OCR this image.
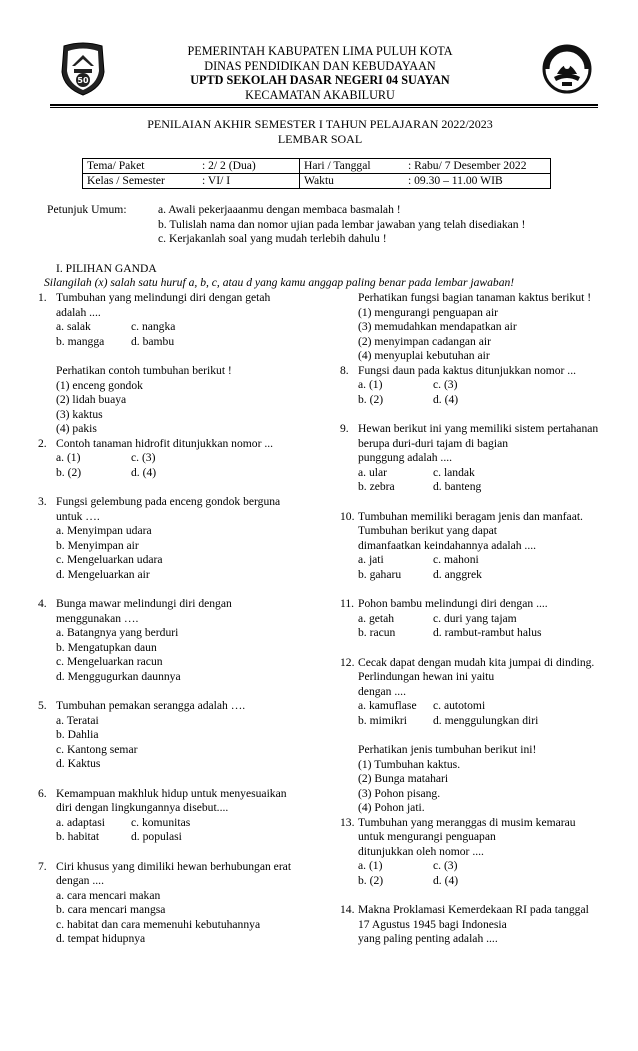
50
PEMERINTAH KABUPATEN LIMA PULUH KOTA
DINAS PENDIDIKAN DAN KEBUDAYAAN
UPTD SEKOLAH DASAR NEGERI 04 SUAYAN
KECAMATAN AKABILURU
PENILAIAN AKHIR SEMESTER I TAHUN PELAJARAN 2022/2023
LEMBAR SOAL
Tema/ Paket	: 2/ 2 (Dua)	Hari / Tanggal	: Rabu/ 7 Desember 2022
Kelas / Semester	: VI/ I	Waktu	: 09.30 – 11.00 WIB
Petunjuk Umum:	a. Awali pekerjaaanmu dengan membaca basmalah !
b. Tulislah nama dan nomor ujian pada lembar jawaban yang telah disediakan !
c. Kerjakanlah soal yang mudah terlebih dahulu !
I. PILIHAN GANDA
Silangilah (x) salah satu huruf a, b, c, atau d yang kamu anggap paling benar pada lembar jawaban!
1. Tumbuhan yang melindungi diri dengan getah
adalah ....
a. salak	c. nangka
b. mangga d. bambu
Perhatikan contoh tumbuhan berikut !
(1) enceng gondok
(2) lidah buaya
(3) kaktus
(4) pakis
2. Contoh tanaman hidrofit ditunjukkan nomor ...
a. (1)	c. (3)
b. (2)	d. (4)
3. Fungsi gelembung pada enceng gondok berguna
untuk ….
a. Menyimpan udara
b. Menyimpan air
c. Mengeluarkan udara
d. Mengeluarkan air
4. Bunga mawar melindungi diri dengan
menggunakan ….
a. Batangnya yang berduri
b. Mengatupkan daun
c. Mengeluarkan racun
d. Menggugurkan daunnya
5. Tumbuhan pemakan serangga adalah ….
a. Teratai
b. Dahlia
c. Kantong semar
d. Kaktus
6. Kemampuan makhluk hidup untuk menyesuaikan
diri dengan lingkungannya disebut....
a. adaptasi c. komunitas
b. habitat	d. populasi
7. Ciri khusus yang dimiliki hewan berhubungan erat
dengan ....
a. cara mencari makan
b. cara mencari mangsa
c. habitat dan cara memenuhi kebutuhannya
d. tempat hidupnya
Perhatikan fungsi bagian tanaman kaktus berikut !
(1) mengurangi penguapan air
(3) memudahkan mendapatkan air
(2) menyimpan cadangan air
(4) menyuplai kebutuhan air
8. Fungsi daun pada kaktus ditunjukkan nomor ...
a. (1)	c. (3)
b. (2)	d. (4)
9. Hewan berikut ini yang memiliki sistem pertahanan
berupa duri-duri tajam di bagian
punggung adalah ....
a. ular	c. landak
b. zebra	d. banteng
10. Tumbuhan memiliki beragam jenis dan manfaat.
Tumbuhan berikut yang dapat
dimanfaatkan keindahannya adalah ....
a. jati	c. mahoni
b. gaharu	d. anggrek
11. Pohon bambu melindungi diri dengan ....
a. getah	c. duri yang tajam
b. racun	d. rambut-rambut halus
12. Cecak dapat dengan mudah kita jumpai di dinding.
Perlindungan hewan ini yaitu
dengan ....
a. kamuflase c. autotomi
b. mimikri d. menggulungkan diri
Perhatikan jenis tumbuhan berikut ini!
(1) Tumbuhan kaktus.
(2) Bunga matahari
(3) Pohon pisang.
(4) Pohon jati.
13. Tumbuhan yang meranggas di musim kemarau
untuk mengurangi penguapan
ditunjukkan oleh nomor ....
a. (1)	c. (3)
b. (2)	d. (4)
14. Makna Proklamasi Kemerdekaan RI pada tanggal
17 Agustus 1945 bagi Indonesia
yang paling penting adalah ....
